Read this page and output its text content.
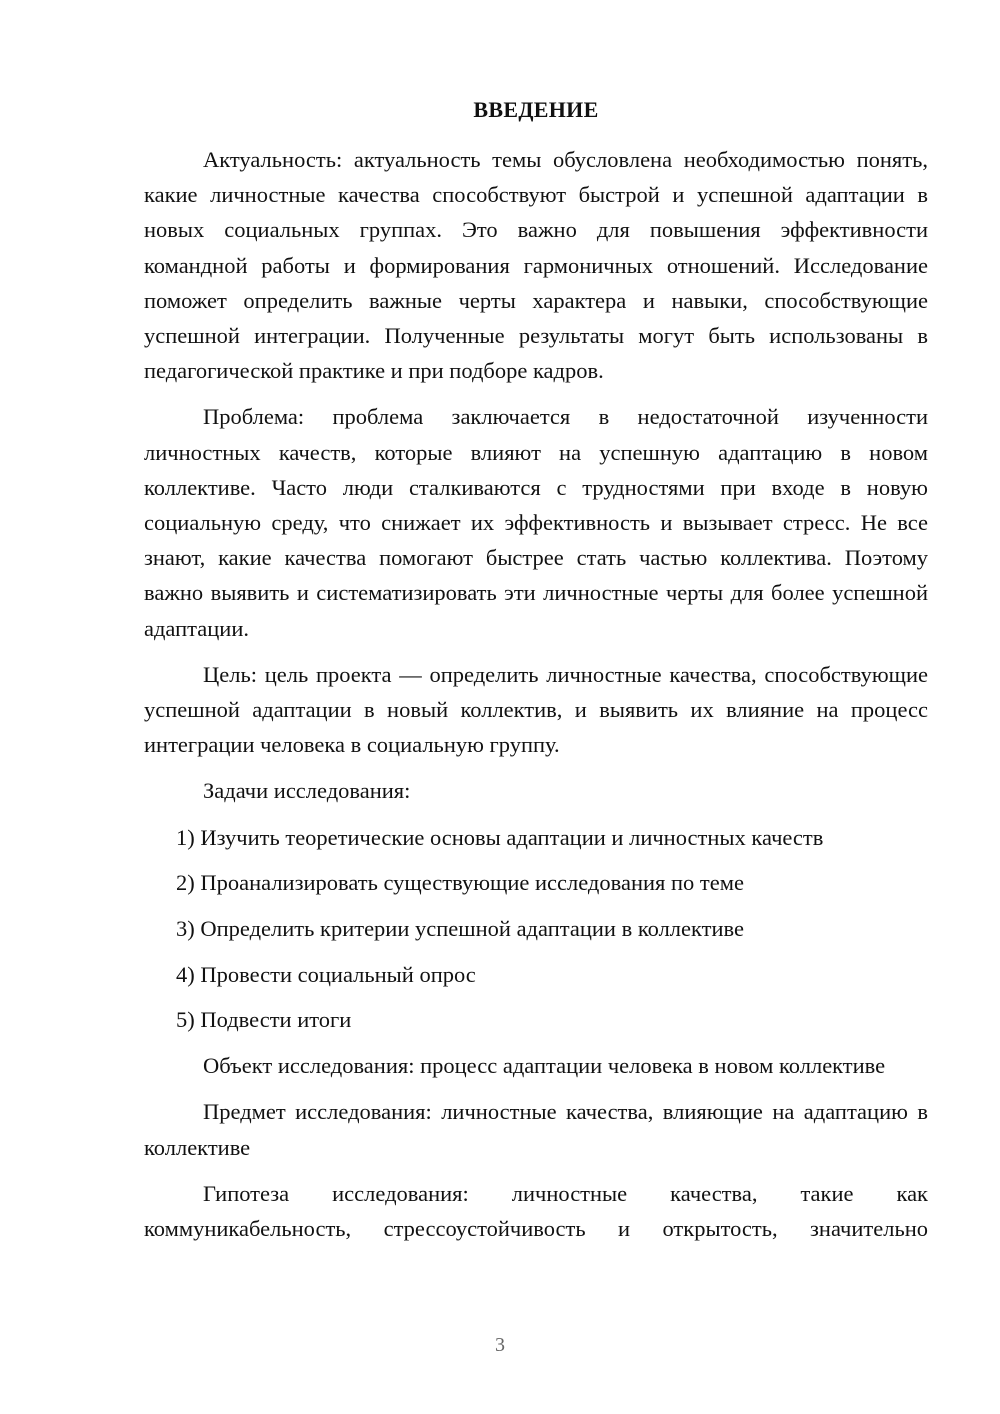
ВВЕДЕНИЕ

Актуальность: актуальность темы обусловлена необходимостью понять, какие личностные качества способствуют быстрой и успешной адаптации в новых социальных группах. Это важно для повышения эффективности командной работы и формирования гармоничных отношений. Исследование поможет определить важные черты характера и навыки, способствующие успешной интеграции. Полученные результаты могут быть использованы в педагогической практике и при подборе кадров.

Проблема: проблема заключается в недостаточной изученности личностных качеств, которые влияют на успешную адаптацию в новом коллективе. Часто люди сталкиваются с трудностями при входе в новую социальную среду, что снижает их эффективность и вызывает стресс. Не все знают, какие качества помогают быстрее стать частью коллектива. Поэтому важно выявить и систематизировать эти личностные черты для более успешной адаптации.

Цель: цель проекта — определить личностные качества, способствующие успешной адаптации в новый коллектив, и выявить их влияние на процесс интеграции человека в социальную группу.

Задачи исследования:

1) Изучить теоретические основы адаптации и личностных качеств
2) Проанализировать существующие исследования по теме
3) Определить критерии успешной адаптации в коллективе
4) Провести социальный опрос
5) Подвести итоги

Объект исследования: процесс адаптации человека в новом коллективе

Предмет исследования: личностные качества, влияющие на адаптацию в коллективе

Гипотеза исследования: личностные качества, такие как коммуникабельность, стрессоустойчивость и открытость, значительно

3
